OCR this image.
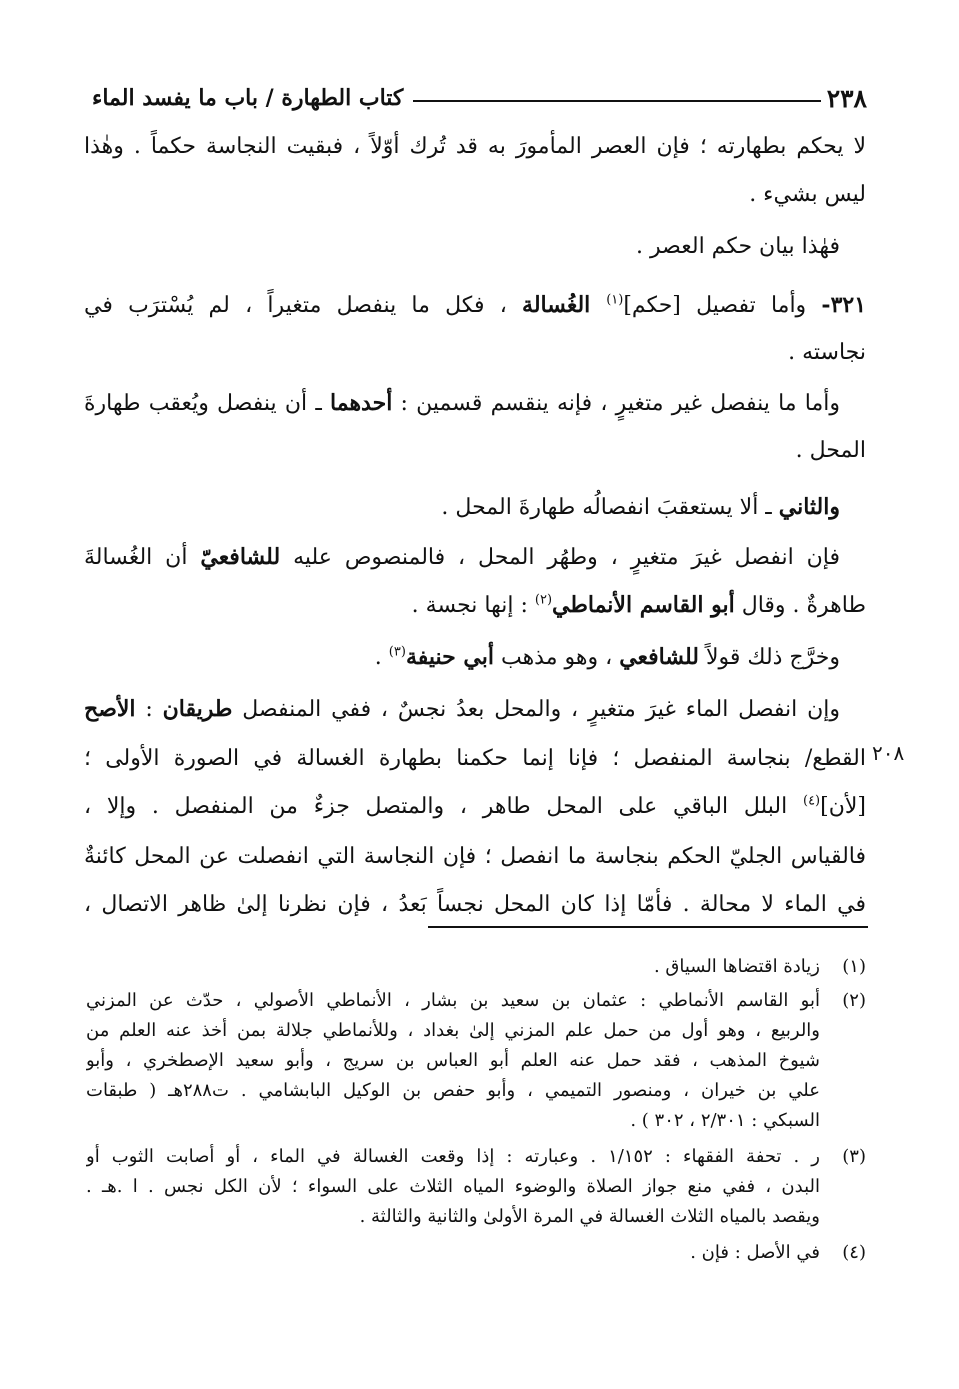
٢٣٨
كتاب الطهارة / باب ما يفسد الماء
٢٠٨
لا يحكم بطهارته ؛ فإن العصر المأمورَ به قد تُرك أوّلاً ، فبقيت النجاسة حكماً . وهٰذا
ليس بشيء .
فهٰذا بيان حكم العصر .
٣٢١- وأما تفصيل [حكم]$^{(١)}$ الغُسالة ، فكل ما ينفصل متغيراً ، لم يُسْترَب في
نجاسته .
وأما ما ينفصل غير متغيرٍ ، فإنه ينقسم قسمين : أحدهما ـ أن ينفصل ويُعقب طهارةَ
المحل .
والثاني ـ ألا يستعقبَ انفصالُه طهارةَ المحل .
فإن انفصل غيرَ متغيرٍ ، وطهُر المحل ، فالمنصوص عليه للشافعيّ أن الغُسالةَ
طاهرةٌ . وقال أبو القاسم الأنماطي$^{(٢)}$ : إنها نجسة .
وخرَّج ذلك قولاً للشافعي ، وهو مذهب أبي حنيفة$^{(٣)}$ .
وإن انفصل الماء غيرَ متغيرٍ ، والمحل بعدُ نجسٌ ، ففي المنفصل طريقان : الأصح
القطع/ بنجاسة المنفصل ؛ فإنا إنما حكمنا بطهارة الغسالة في الصورة الأولى ؛
[لأن]$^{(٤)}$ البلل الباقي على المحل طاهر ، والمتصل جزءٌ من المنفصل . وإلا ،
فالقياس الجليّ الحكم بنجاسة ما انفصل ؛ فإن النجاسة التي انفصلت عن المحل كائنةٌ
في الماء لا محالة . فأمّا إذا كان المحل نجساً بَعدُ ، فإن نظرنا إلىٰ ظاهر الاتصال ،
(١)
زيادة اقتضاها السياق .
(٢)
أبو القاسم الأنماطي : عثمان بن سعيد بن بشار ، الأنماطي الأصولي ، حدّث عن المزني
والربيع ، وهو أول من حمل علم المزني إلىٰ بغداد ، وللأنماطي جلالة بمن أخذ عنه العلم من
شيوخ المذهب ، فقد حمل عنه العلم أبو العباس بن سريج ، وأبو سعيد الإصطخري ، وأبو
علي بن خيران ، ومنصور التميمي ، وأبو حفص بن الوكيل البابشامي . ت٢٨٨هـ ( طبقات
السبكي : ٢/٣٠١ ، ٣٠٢ ) .
(٣)
ر . تحفة الفقهاء : ١/١٥٢ . وعبارته : إذا وقعت الغسالة في الماء ، أو أصابت الثوب أو
البدن ، ففي منع جواز الصلاة والوضوء المياه الثلاث على السواء ؛ لأن الكل نجس . ا .هـ .
ويقصد بالمياه الثلاث الغسالة في المرة الأولىٰ والثانية والثالثة .
(٤)
في الأصل : فإن .
